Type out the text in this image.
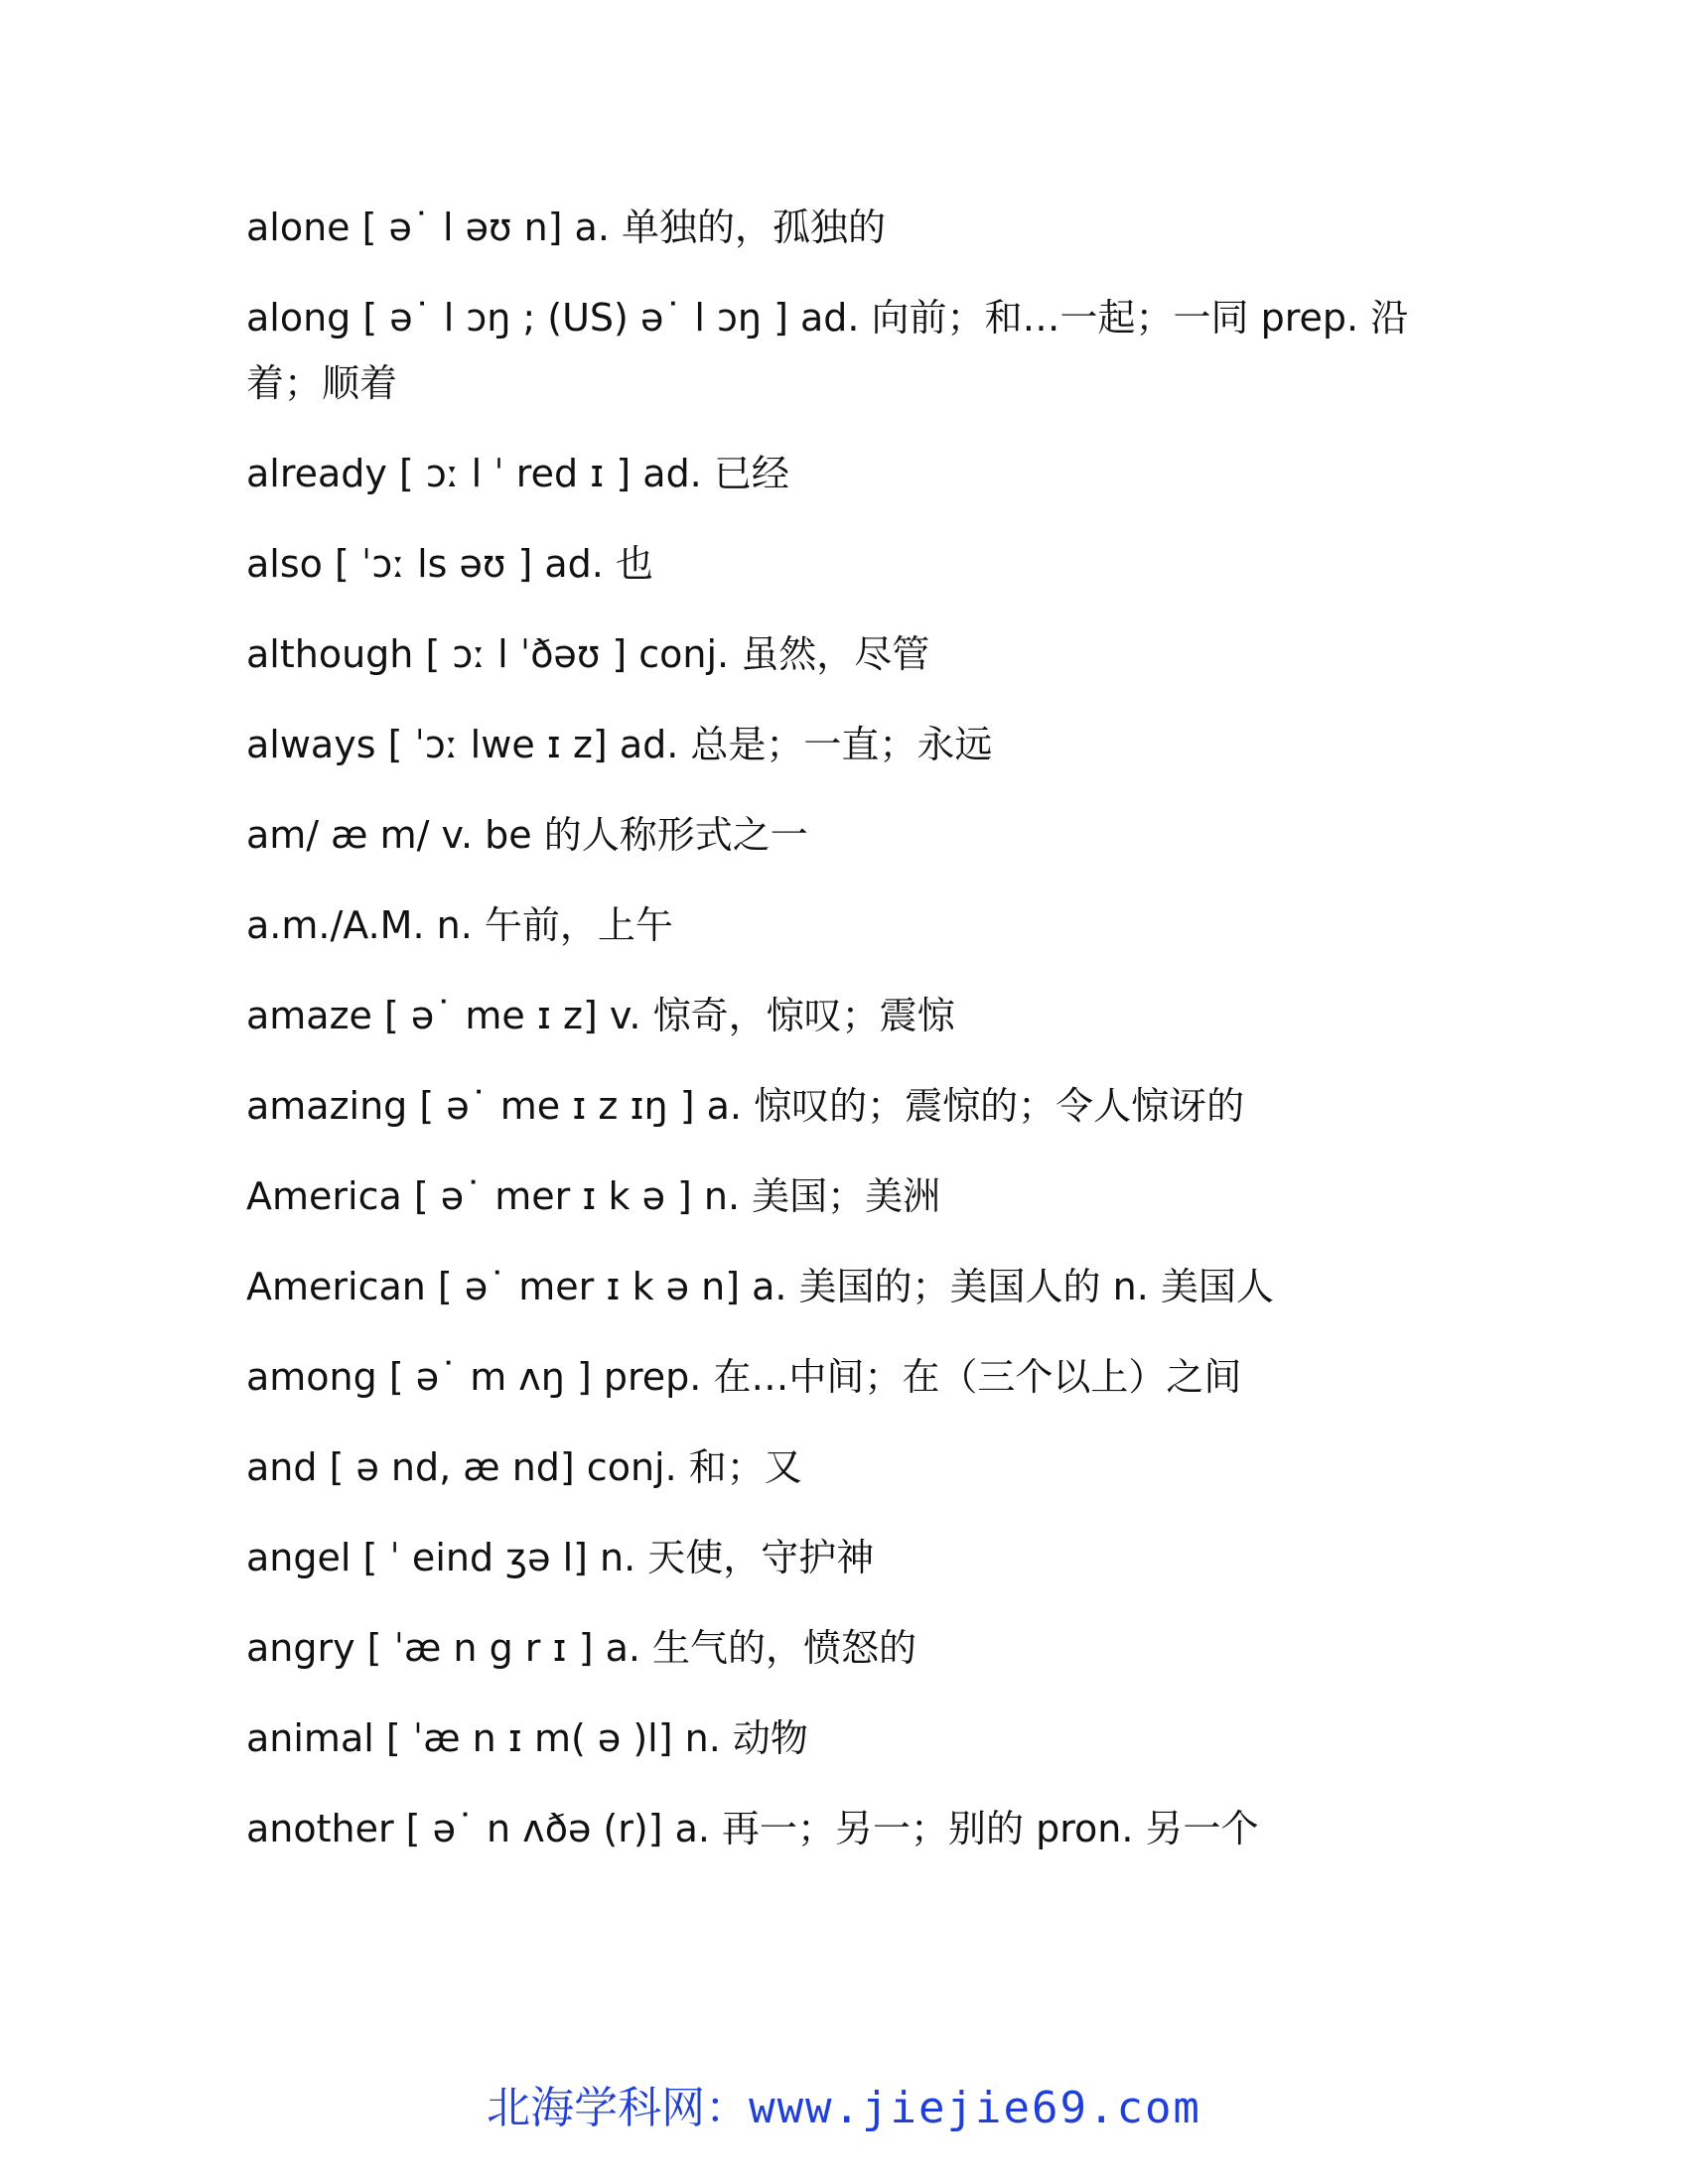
alone [ ə˙ l əʊ n] a. 单独的，孤独的

along [ ə˙ l ɔŋ ; (US) ə˙ l ɔŋ ] ad. 向前；和…一起；一同 prep. 沿着；顺着

already [ ɔː l ˈ red ɪ ] ad. 已经

also [ ˈɔː ls əʊ ] ad. 也

although [ ɔː l ˈðəʊ ] conj. 虽然，尽管

always [ ˈɔː lwe ɪ z] ad. 总是；一直；永远

am/ æ m/ v. be 的人称形式之一

a.m./A.M. n. 午前，上午

amaze [ ə˙ me ɪ z] v. 惊奇，惊叹；震惊

amazing [ ə˙ me ɪ z ɪŋ ] a. 惊叹的；震惊的；令人惊讶的

America [ ə˙ mer ɪ k ə ] n. 美国；美洲

American [ ə˙ mer ɪ k ə n] a. 美国的；美国人的 n. 美国人

among [ ə˙ m ʌŋ ] prep. 在…中间；在（三个以上）之间

and [ ə nd, æ nd] conj. 和；又

angel [ ˈ eind ʒə l] n. 天使，守护神

angry [ ˈæ n g r ɪ ] a. 生气的，愤怒的

animal [ ˈæ n ɪ m( ə )l] n. 动物

another [ ə˙ n ʌðə (r)] a. 再一；另一；别的 pron. 另一个

北海学科网：www.jiejie69.com
